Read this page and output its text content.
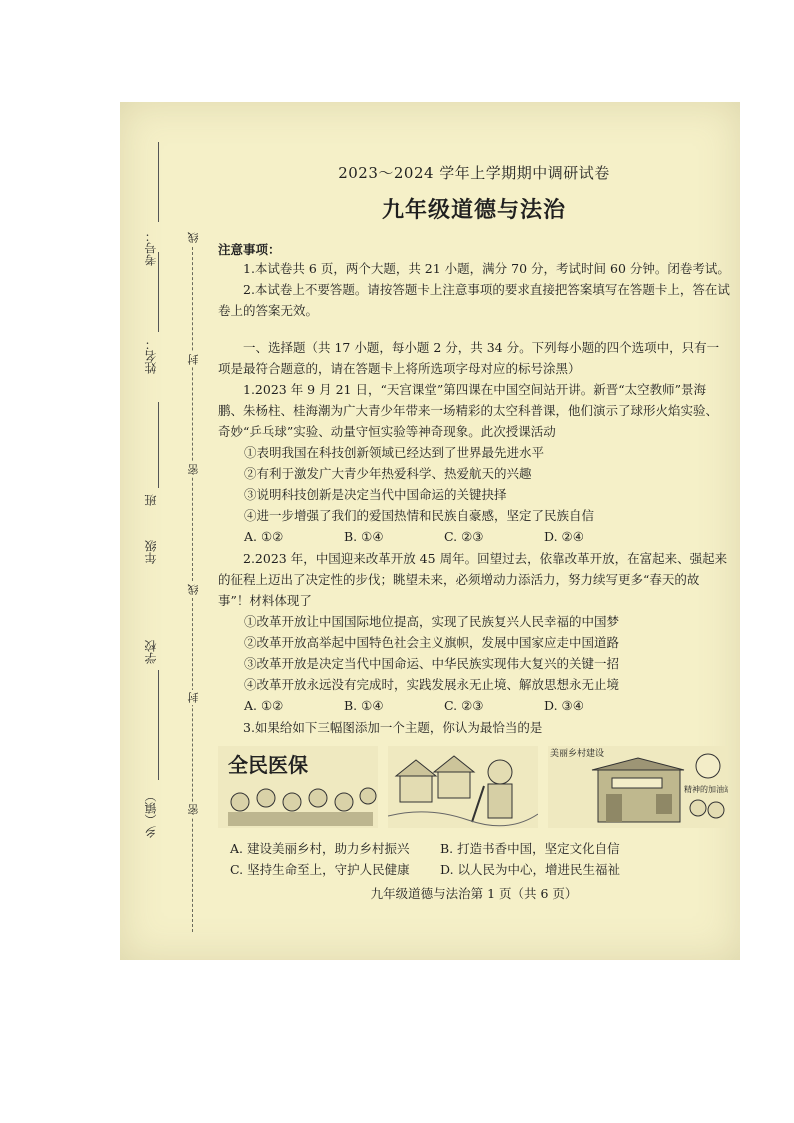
考号：
姓名：
班
年级
学校
乡（镇）
线
封
密
线
封
密
2023～2024 学年上学期期中调研试卷
九年级道德与法治
注意事项：

1.本试卷共 6 页，两个大题，共 21 小题，满分 70 分，考试时间 60 分钟。闭卷考试。

2.本试卷上不要答题。请按答题卡上注意事项的要求直接把答案填写在答题卡上，答在试卷上的答案无效。

一、选择题（共 17 小题，每小题 2 分，共 34 分。下列每小题的四个选项中，只有一项是最符合题意的，请在答题卡上将所选项字母对应的标号涂黑）

1.2023 年 9 月 21 日，“天宫课堂”第四课在中国空间站开讲。新晋“太空教师”景海鹏、朱杨柱、桂海潮为广大青少年带来一场精彩的太空科普课，他们演示了球形火焰实验、奇妙“乒乓球”实验、动量守恒实验等神奇现象。此次授课活动

①表明我国在科技创新领域已经达到了世界最先进水平

②有利于激发广大青少年热爱科学、热爱航天的兴趣

③说明科技创新是决定当代中国命运的关键抉择

④进一步增强了我们的爱国热情和民族自豪感，坚定了民族自信

A. ①②	B. ①④	C. ②③	D. ②④

2.2023 年，中国迎来改革开放 45 周年。回望过去，依靠改革开放，在富起来、强起来的征程上迈出了决定性的步伐；眺望未来，必须增动力添活力，努力续写更多“春天的故事”！材料体现了

①改革开放让中国国际地位提高，实现了民族复兴人民幸福的中国梦

②改革开放高举起中国特色社会主义旗帜，发展中国家应走中国道路

③改革开放是决定当代中国命运、中华民族实现伟大复兴的关键一招

④改革开放永远没有完成时，实践发展永无止境、解放思想永无止境

A. ①②	B. ①④	C. ②③	D. ③④

3.如果给如下三幅图添加一个主题，你认为最恰当的是

全民医保	美丽乡村建设
精神的加油站
A. 建设美丽乡村，助力乡村振兴	B. 打造书香中国，坚定文化自信
C. 坚持生命至上，守护人民健康	D. 以人民为中心，增进民生福祉
九年级道德与法治第 1 页（共 6 页）
